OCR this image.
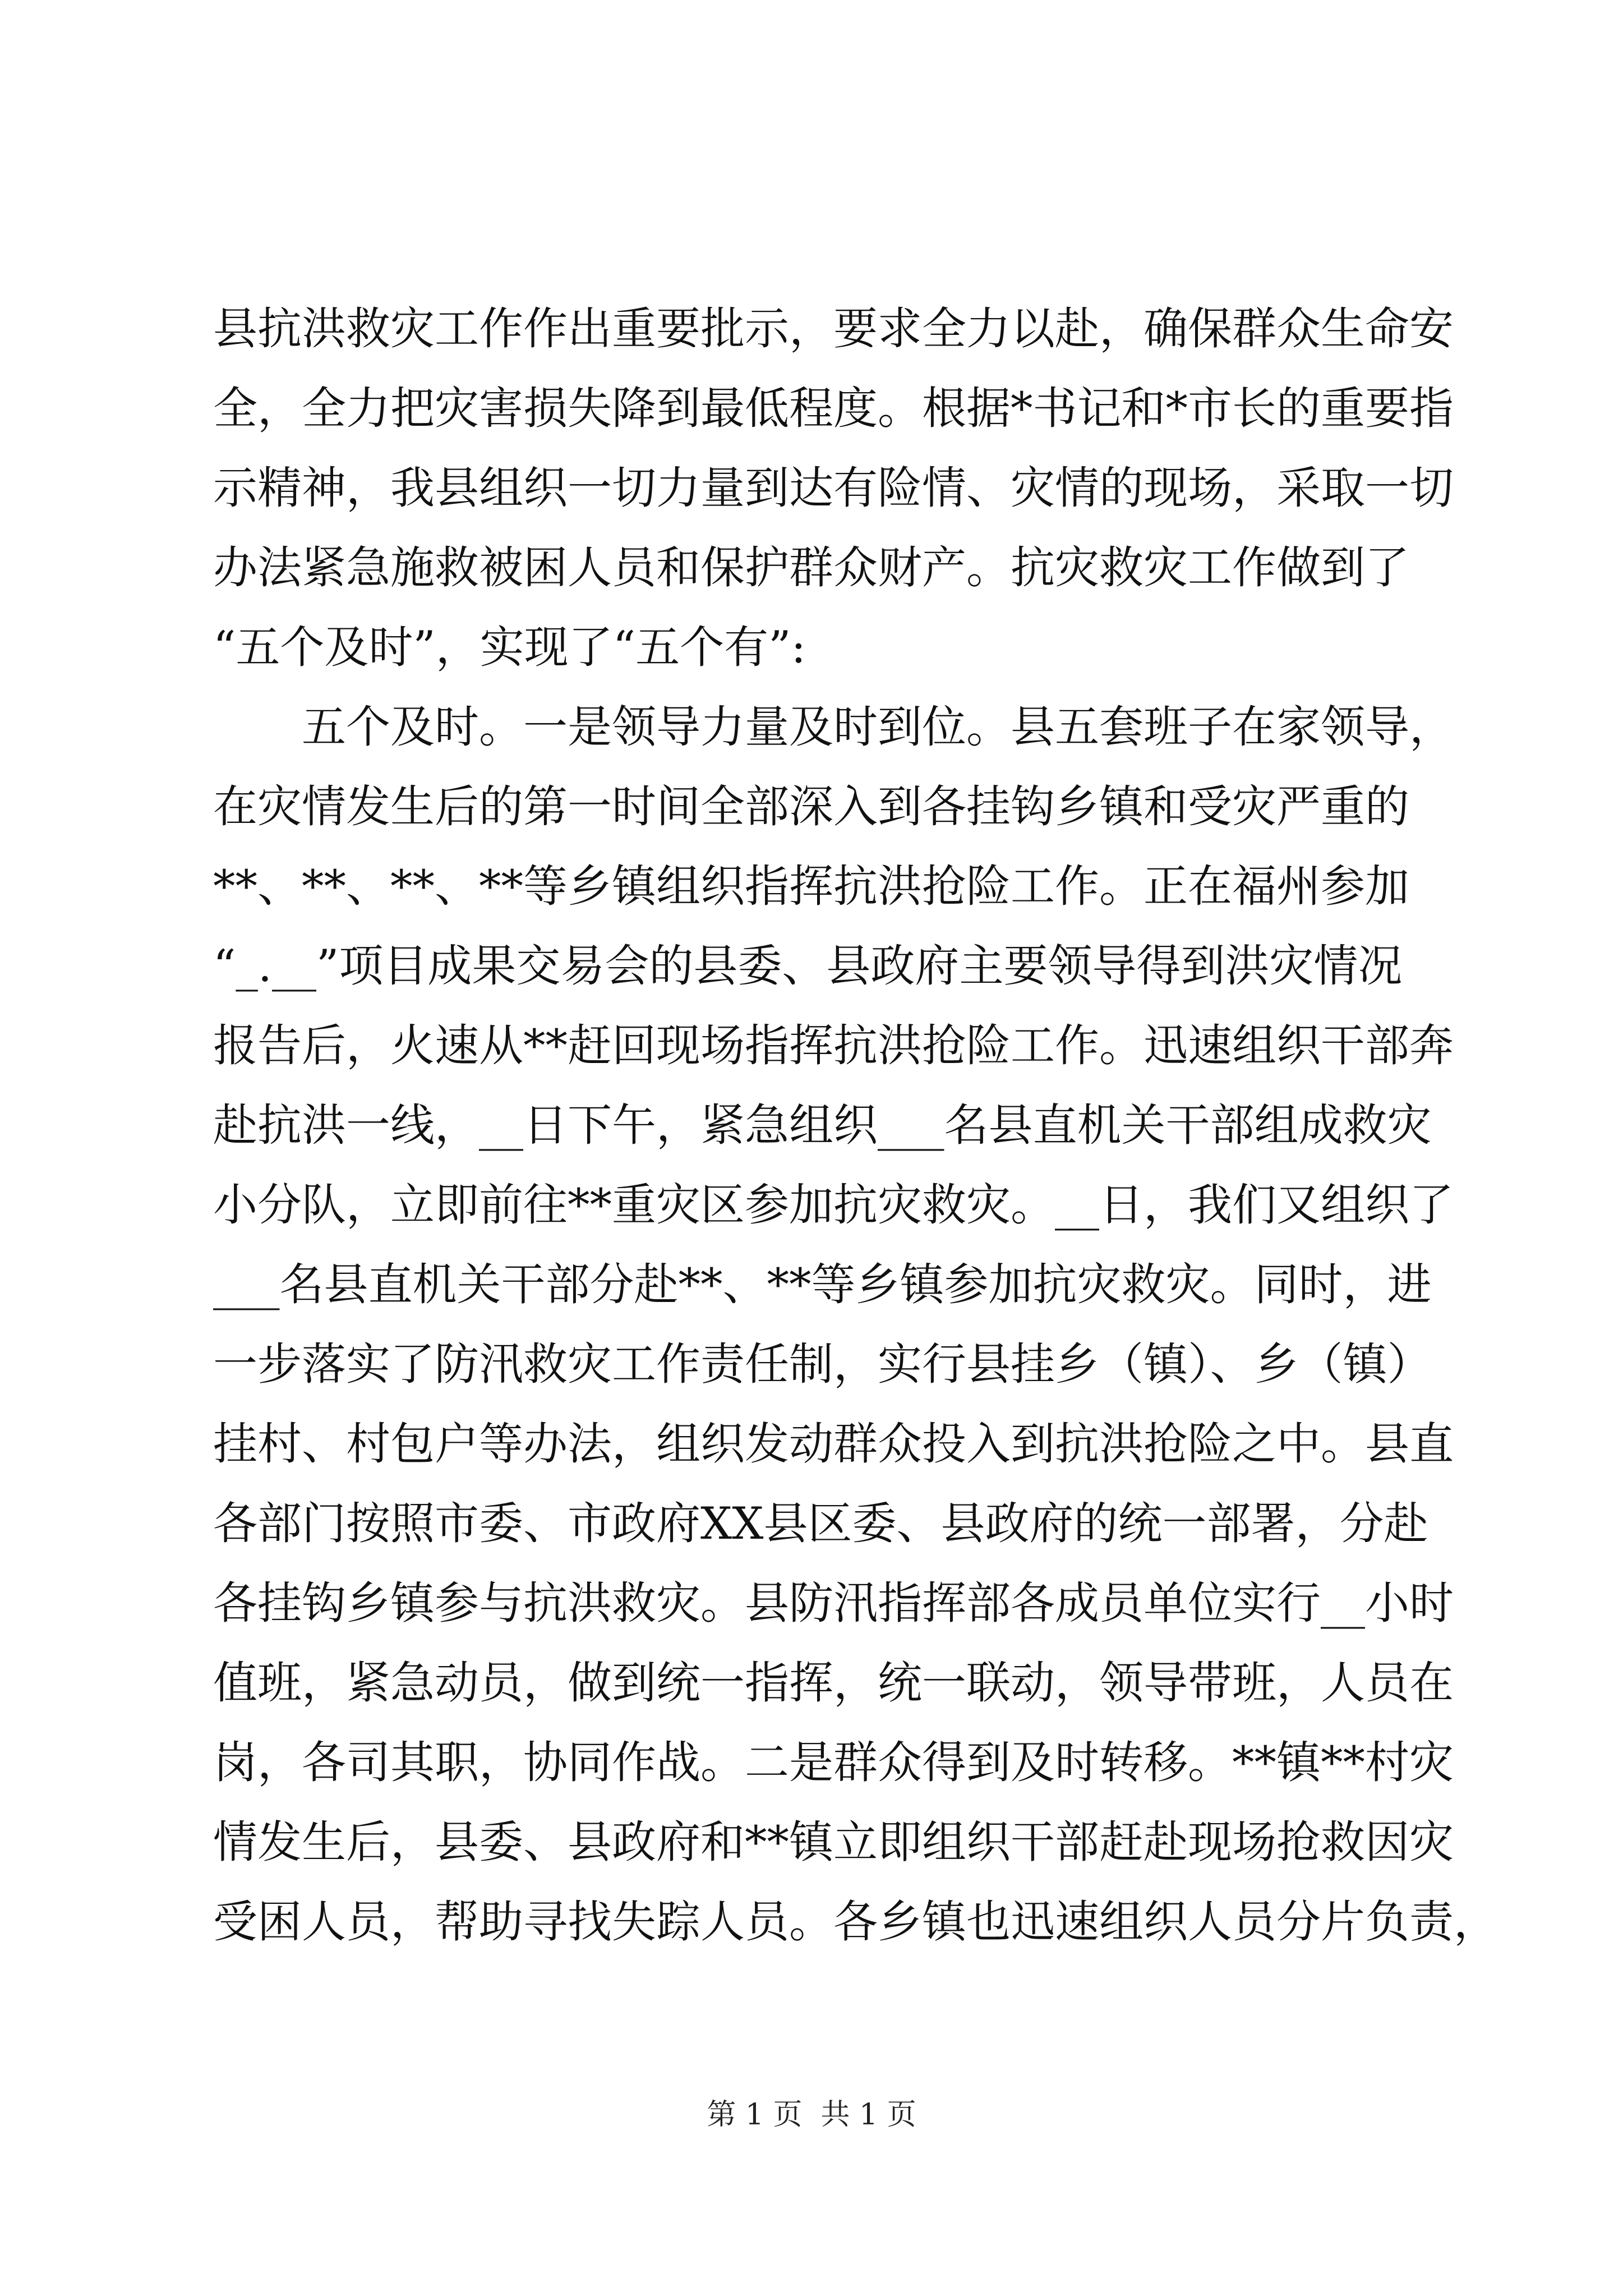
县抗洪救灾工作作出重要批示，要求全力以赴，确保群众生命安
全，全力把灾害损失降到最低程度。根据*书记和*市长的重要指
示精神，我县组织一切力量到达有险情、灾情的现场，采取一切
办法紧急施救被困人员和保护群众财产。抗灾救灾工作做到了
“五个及时”，实现了“五个有”:
　　五个及时。一是领导力量及时到位。县五套班子在家领导，
在灾情发生后的第一时间全部深入到各挂钩乡镇和受灾严重的
**、**、**、**等乡镇组织指挥抗洪抢险工作。正在福州参加
“_.__”项目成果交易会的县委、县政府主要领导得到洪灾情况
报告后，火速从**赶回现场指挥抗洪抢险工作。迅速组织干部奔
赴抗洪一线，__日下午，紧急组织___名县直机关干部组成救灾
小分队，立即前往**重灾区参加抗灾救灾。__日，我们又组织了
___名县直机关干部分赴**、**等乡镇参加抗灾救灾。同时，进
一步落实了防汛救灾工作责任制，实行县挂乡（镇）、乡（镇）
挂村、村包户等办法，组织发动群众投入到抗洪抢险之中。县直
各部门按照市委、市政府XX县区委、县政府的统一部署，分赴
各挂钩乡镇参与抗洪救灾。县防汛指挥部各成员单位实行__小时
值班，紧急动员，做到统一指挥，统一联动，领导带班，人员在
岗，各司其职，协同作战。二是群众得到及时转移。**镇**村灾
情发生后，县委、县政府和**镇立即组织干部赶赴现场抢救因灾
受困人员，帮助寻找失踪人员。各乡镇也迅速组织人员分片负责，
第 1 页  共 1 页
